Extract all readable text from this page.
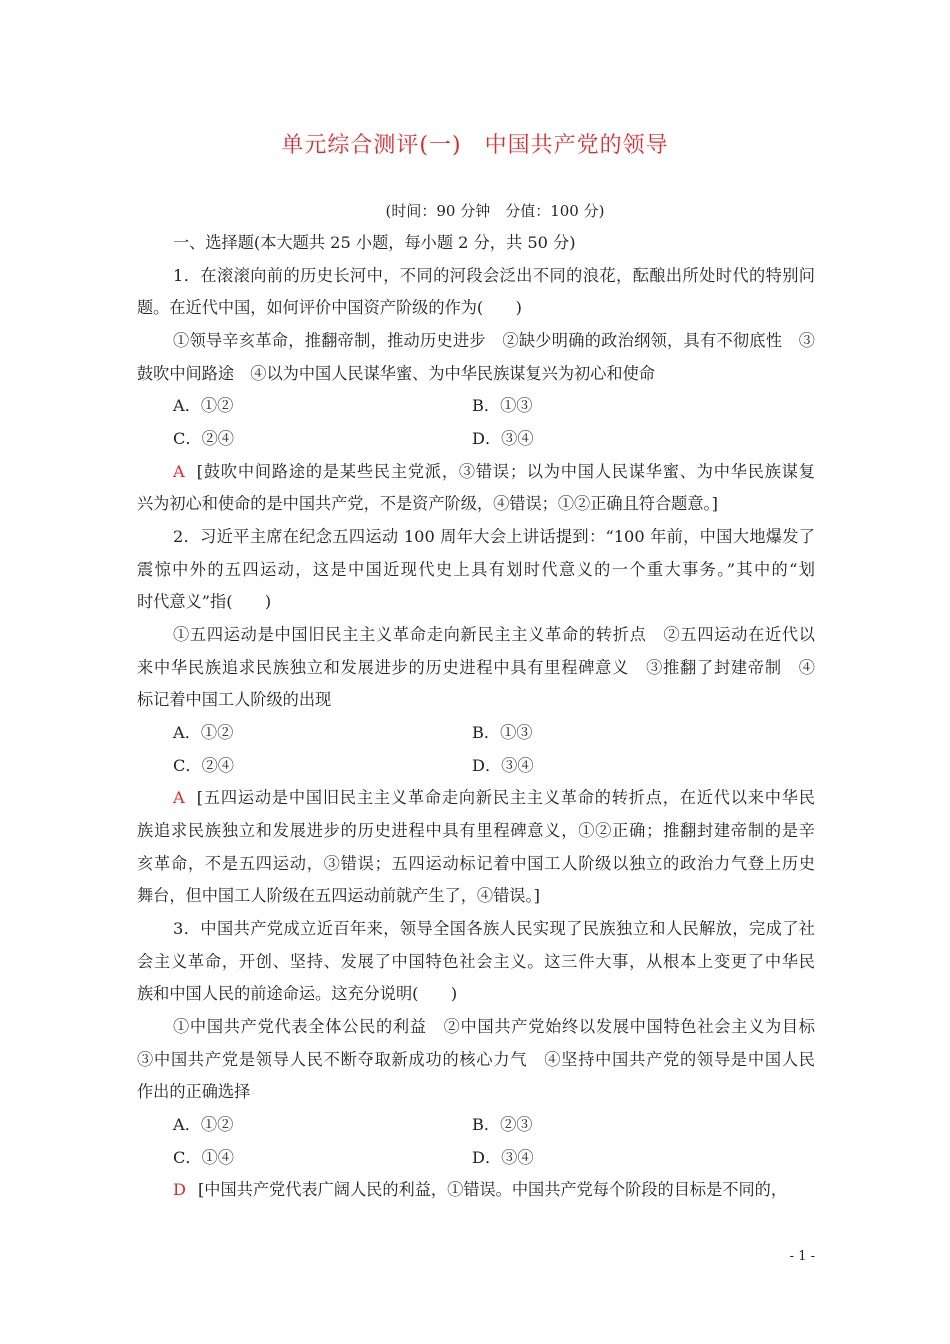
单元综合测评(一)　中国共产党的领导
(时间：90 分钟　分值：100 分)
一、选择题(本大题共 25 小题，每小题 2 分，共 50 分)
1．在滚滚向前的历史长河中，不同的河段会泛出不同的浪花，酝酿出所处时代的特别问
题。在近代中国，如何评价中国资产阶级的作为(　　)
①领导辛亥革命，推翻帝制，推动历史进步　②缺少明确的政治纲领，具有不彻底性　③
鼓吹中间路途　④以为中国人民谋华蜜、为中华民族谋复兴为初心和使命
A．①②	B．①③
C．②④	D．③④
A [鼓吹中间路途的是某些民主党派，③错误；以为中国人民谋华蜜、为中华民族谋复
兴为初心和使命的是中国共产党，不是资产阶级，④错误；①②正确且符合题意。]
2．习近平主席在纪念五四运动 100 周年大会上讲话提到：“100 年前，中国大地爆发了
震惊中外的五四运动，这是中国近现代史上具有划时代意义的一个重大事务。”其中的“划
时代意义”指(　　)
①五四运动是中国旧民主主义革命走向新民主主义革命的转折点　②五四运动在近代以
来中华民族追求民族独立和发展进步的历史进程中具有里程碑意义　③推翻了封建帝制　④
标记着中国工人阶级的出现
A．①②	B．①③
C．②④	D．③④
A [五四运动是中国旧民主主义革命走向新民主主义革命的转折点，在近代以来中华民
族追求民族独立和发展进步的历史进程中具有里程碑意义，①②正确；推翻封建帝制的是辛
亥革命，不是五四运动，③错误；五四运动标记着中国工人阶级以独立的政治力气登上历史
舞台，但中国工人阶级在五四运动前就产生了，④错误。]
3．中国共产党成立近百年来，领导全国各族人民实现了民族独立和人民解放，完成了社
会主义革命，开创、坚持、发展了中国特色社会主义。这三件大事，从根本上变更了中华民
族和中国人民的前途命运。这充分说明(　　)
①中国共产党代表全体公民的利益　②中国共产党始终以发展中国特色社会主义为目标
③中国共产党是领导人民不断夺取新成功的核心力气　④坚持中国共产党的领导是中国人民
作出的正确选择
A．①②	B．②③
C．①④	D．③④
D [中国共产党代表广阔人民的利益，①错误。中国共产党每个阶段的目标是不同的，
- 1 -
